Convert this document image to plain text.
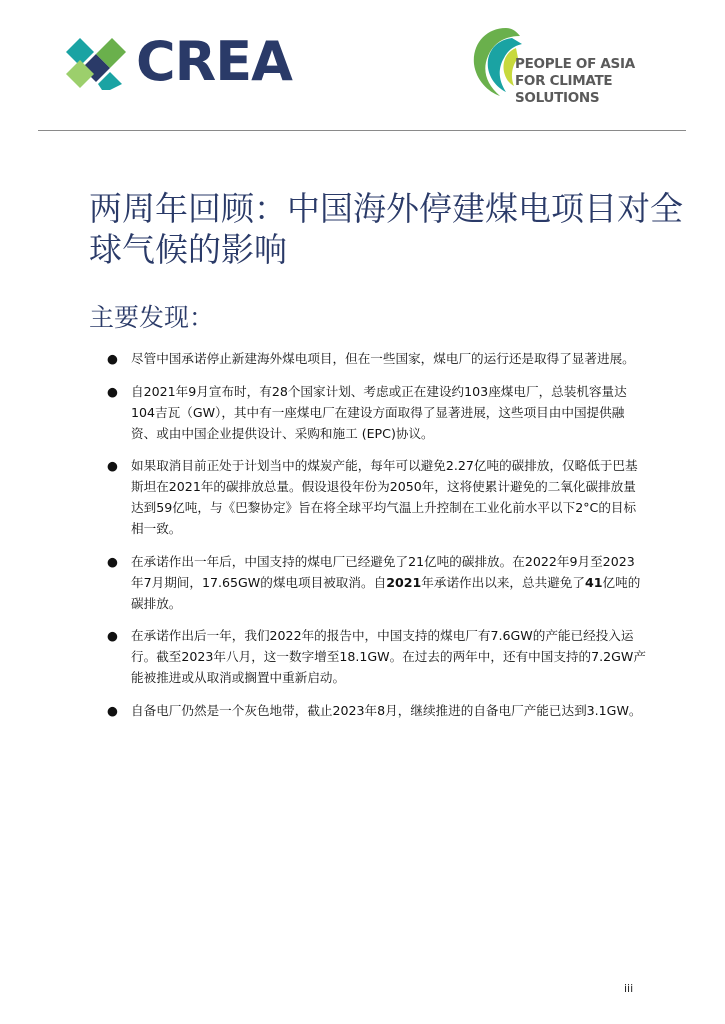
CREA	PEOPLE OF ASIA FOR CLIMATE SOLUTIONS
两周年回顾：中国海外停建煤电项目对全球气候的影响
主要发现：
● 尽管中国承诺停止新建海外煤电项目，但在一些国家，煤电厂的运行还是取得了显著进展。
● 自2021年9月宣布时，有28个国家计划、考虑或正在建设约103座煤电厂，总装机容量达104吉瓦（GW），其中有一座煤电厂在建设方面取得了显著进展，这些项目由中国提供融资、或由中国企业提供设计、采购和施工 (EPC)协议。
● 如果取消目前正处于计划当中的煤炭产能，每年可以避免2.27亿吨的碳排放，仅略低于巴基斯坦在2021年的碳排放总量。假设退役年份为2050年，这将使累计避免的二氧化碳排放量达到59亿吨，与《巴黎协定》旨在将全球平均气温上升控制在工业化前水平以下2°C的目标相一致。
● 在承诺作出一年后，中国支持的煤电厂已经避免了21亿吨的碳排放。在2022年9月至2023年7月期间，17.65GW的煤电项目被取消。自2021年承诺作出以来，总共避免了41亿吨的碳排放。
● 在承诺作出后一年，我们2022年的报告中，中国支持的煤电厂有7.6GW的产能已经投入运行。截至2023年八月，这一数字增至18.1GW。在过去的两年中，还有中国支持的7.2GW产能被推进或从取消或搁置中重新启动。
● 自备电厂仍然是一个灰色地带，截止2023年8月，继续推进的自备电厂产能已达到3.1GW。
iii
